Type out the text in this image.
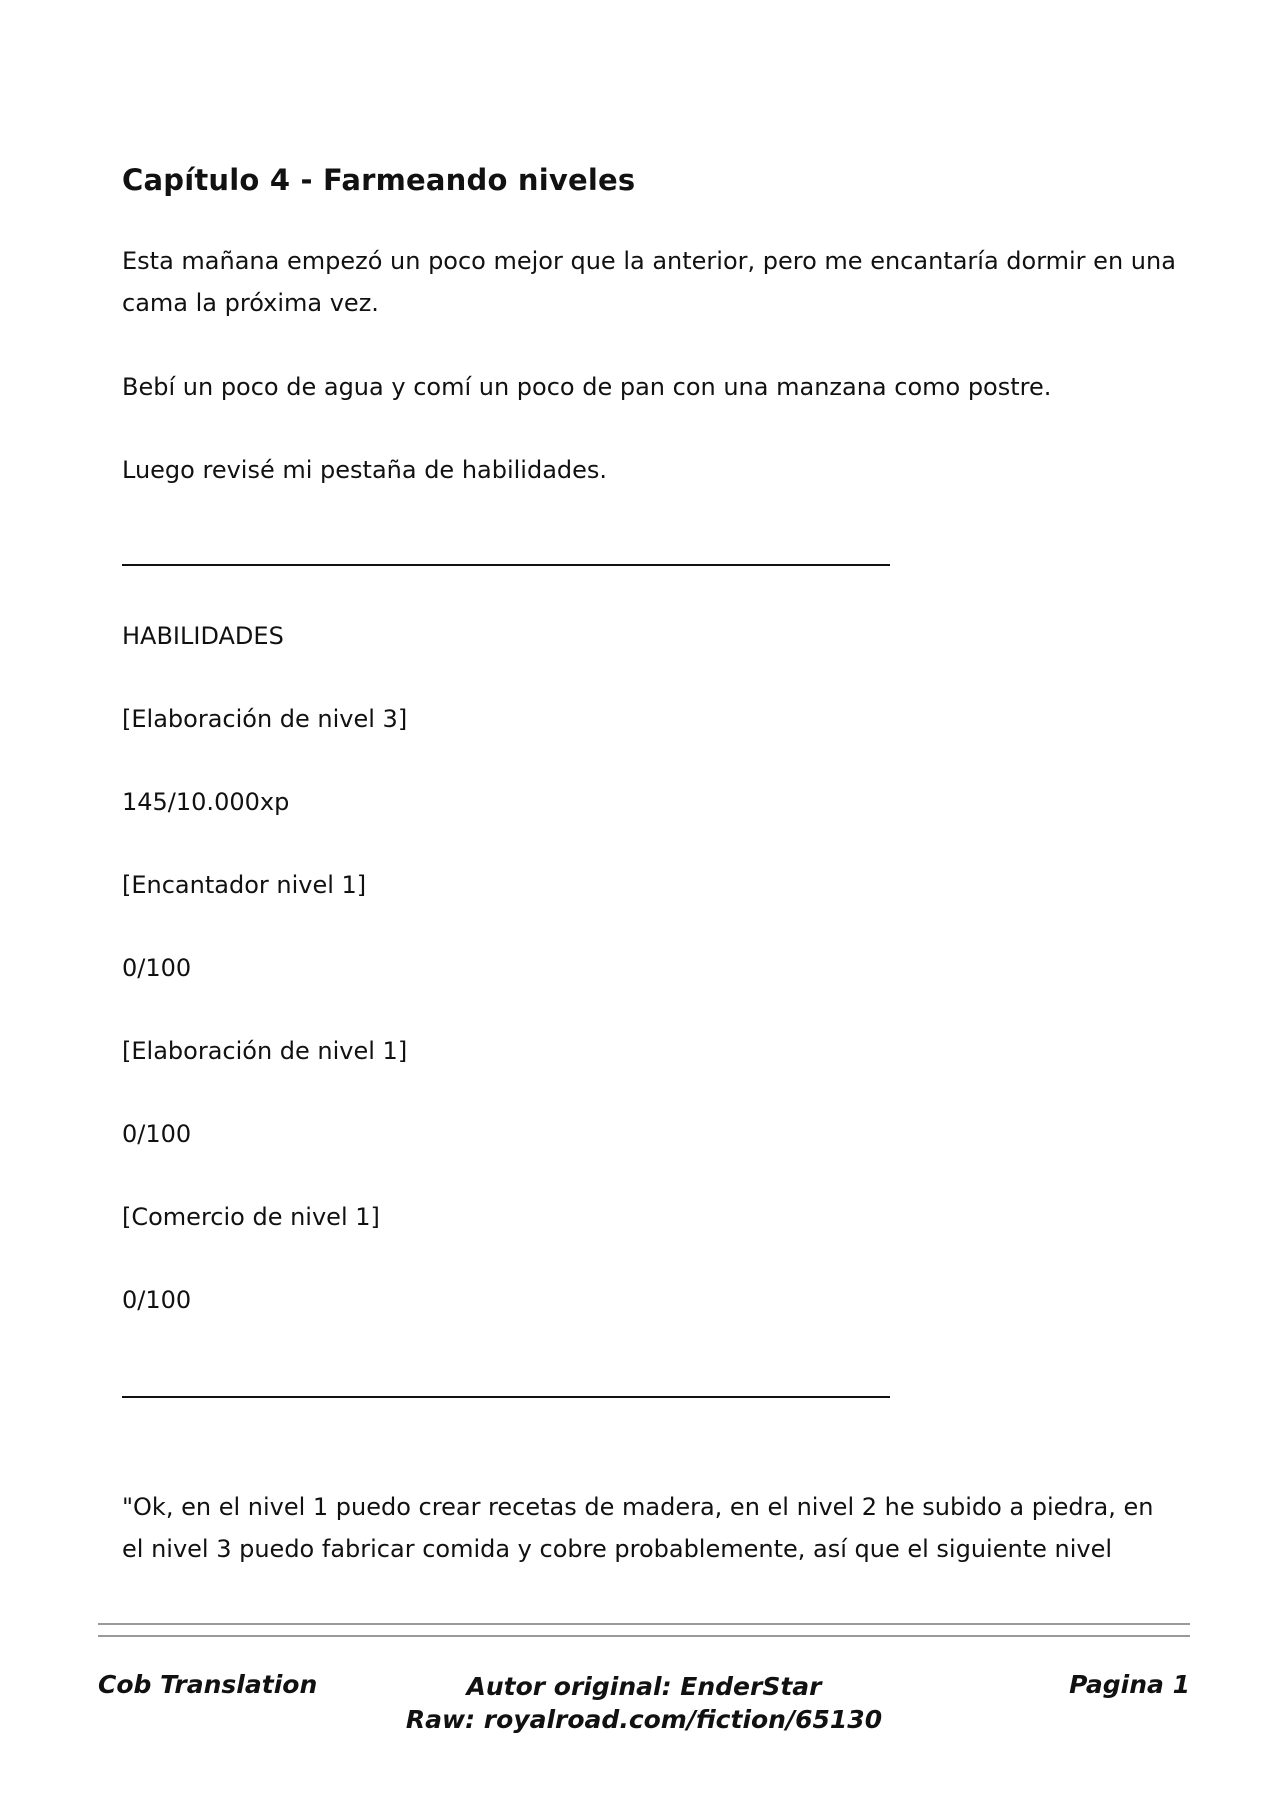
Capítulo 4 - Farmeando niveles

Esta mañana empezó un poco mejor que la anterior, pero me encantaría dormir en una cama la próxima vez.

Bebí un poco de agua y comí un poco de pan con una manzana como postre.

Luego revisé mi pestaña de habilidades.

HABILIDADES

[Elaboración de nivel 3]

145/10.000xp

[Encantador nivel 1]

0/100

[Elaboración de nivel 1]

0/100

[Comercio de nivel 1]

0/100

"Ok, en el nivel 1 puedo crear recetas de madera, en el nivel 2 he subido a piedra, en el nivel 3 puedo fabricar comida y cobre probablemente, así que el siguiente nivel

Cob Translation	Autor original: EnderStar
Raw: royalroad.com/fiction/65130
Pagina 1
